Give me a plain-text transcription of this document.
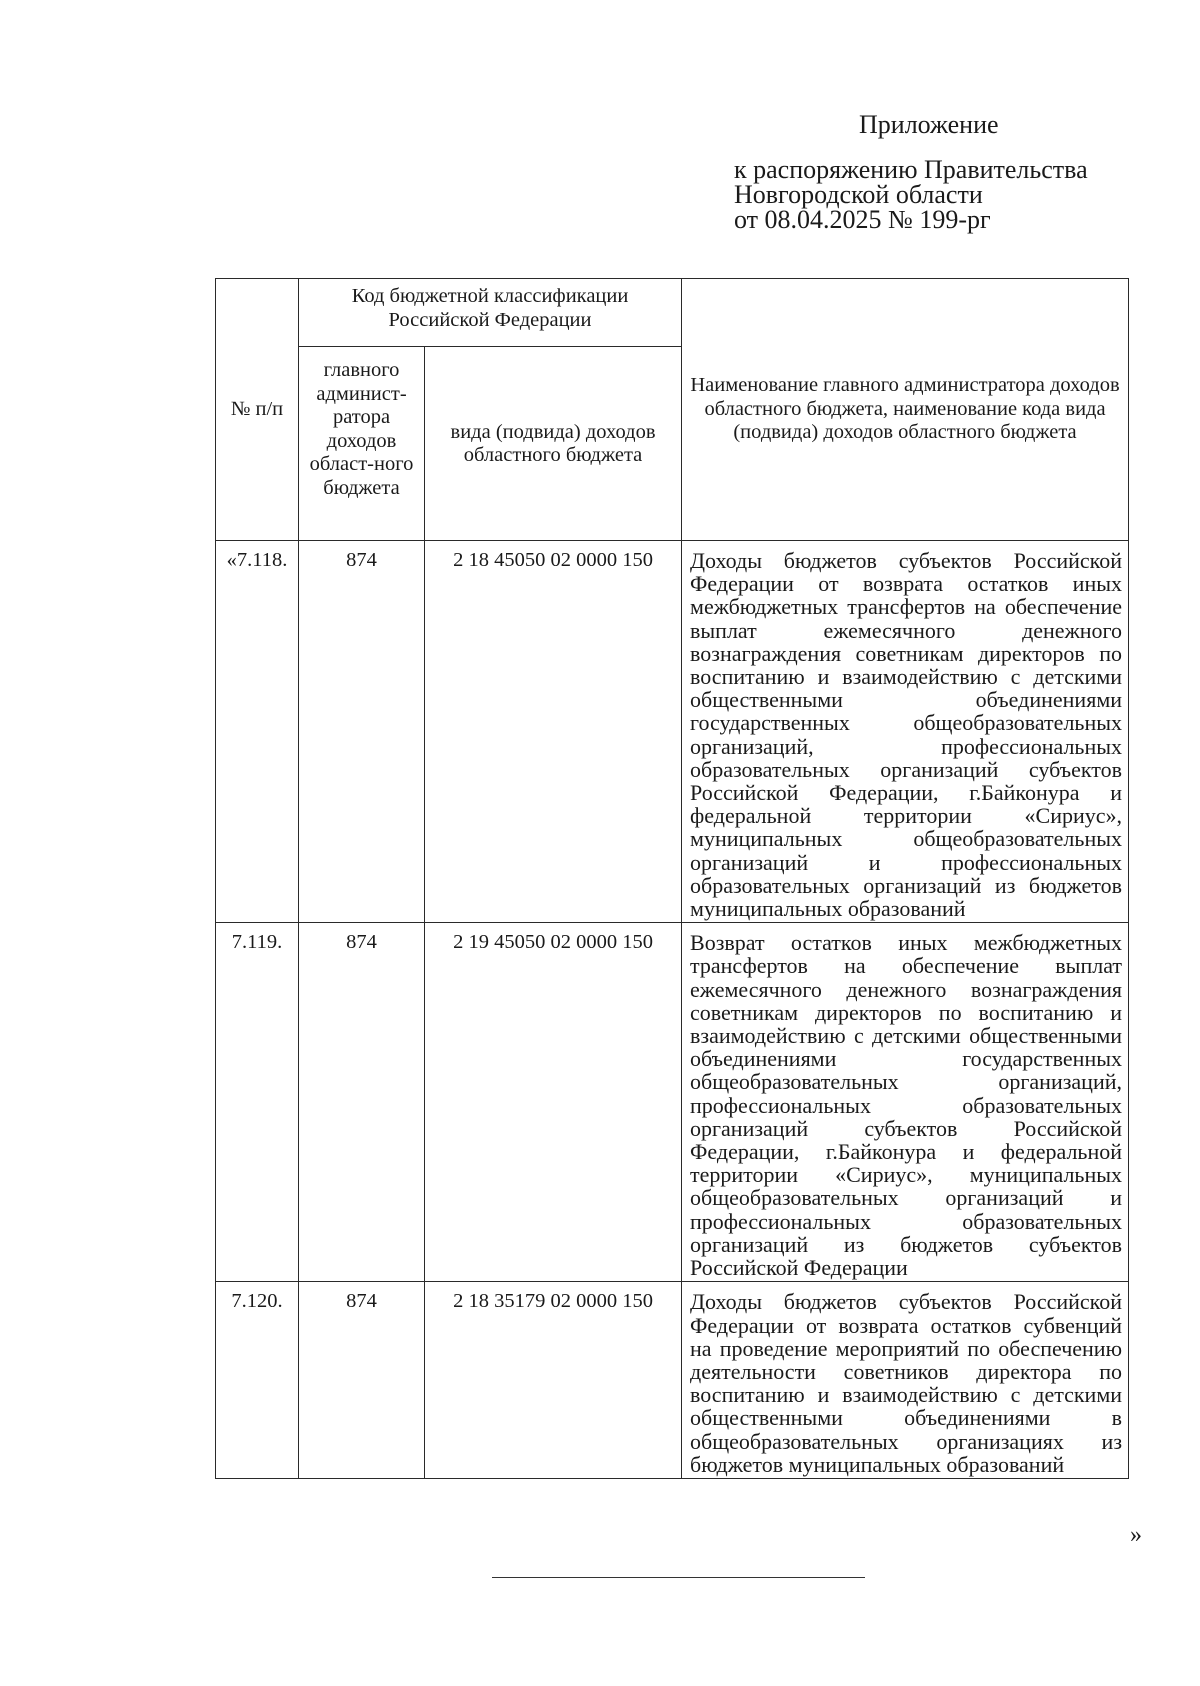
Приложение
к распоряжению Правительства
Новгородской области
от 08.04.2025 № 199-рг
№ п/п	Код бюджетной классификации Российской Федерации		Наименование главного администратора доходов областного бюджета, наименование кода вида (подвида) доходов областного бюджета
	главного админист-ратора доходов област-ного бюджета	вида (подвида) доходов областного бюджета	
«7.118.	874	2 18 45050 02 0000 150	Доходы бюджетов субъектов Российской Федерации от возврата остатков иных межбюджетных трансфертов на обеспечение выплат ежемесячного денежного вознаграждения советникам директоров по воспитанию и взаимодействию с детскими общественными объединениями государственных общеобразовательных организаций, профессиональных образовательных организаций субъектов Российской Федерации, г.Байконура и федеральной территории «Сириус», муниципальных общеобразовательных организаций и профессиональных образовательных организаций из бюджетов муниципальных образований
7.119.	874	2 19 45050 02 0000 150	Возврат остатков иных межбюджетных трансфертов на обеспечение выплат ежемесячного денежного вознаграждения советникам директоров по воспитанию и взаимодействию с детскими общественными объединениями государственных общеобразовательных организаций, профессиональных образовательных организаций субъектов Российской Федерации, г.Байконура и федеральной территории «Сириус», муниципальных общеобразовательных организаций и профессиональных образовательных организаций из бюджетов субъектов Российской Федерации
7.120.	874	2 18 35179 02 0000 150	Доходы бюджетов субъектов Российской Федерации от возврата остатков субвенций на проведение мероприятий по обеспечению деятельности советников директора по воспитанию и взаимодействию с детскими общественными объединениями в общеобразовательных организациях из бюджетов муниципальных образований
»
